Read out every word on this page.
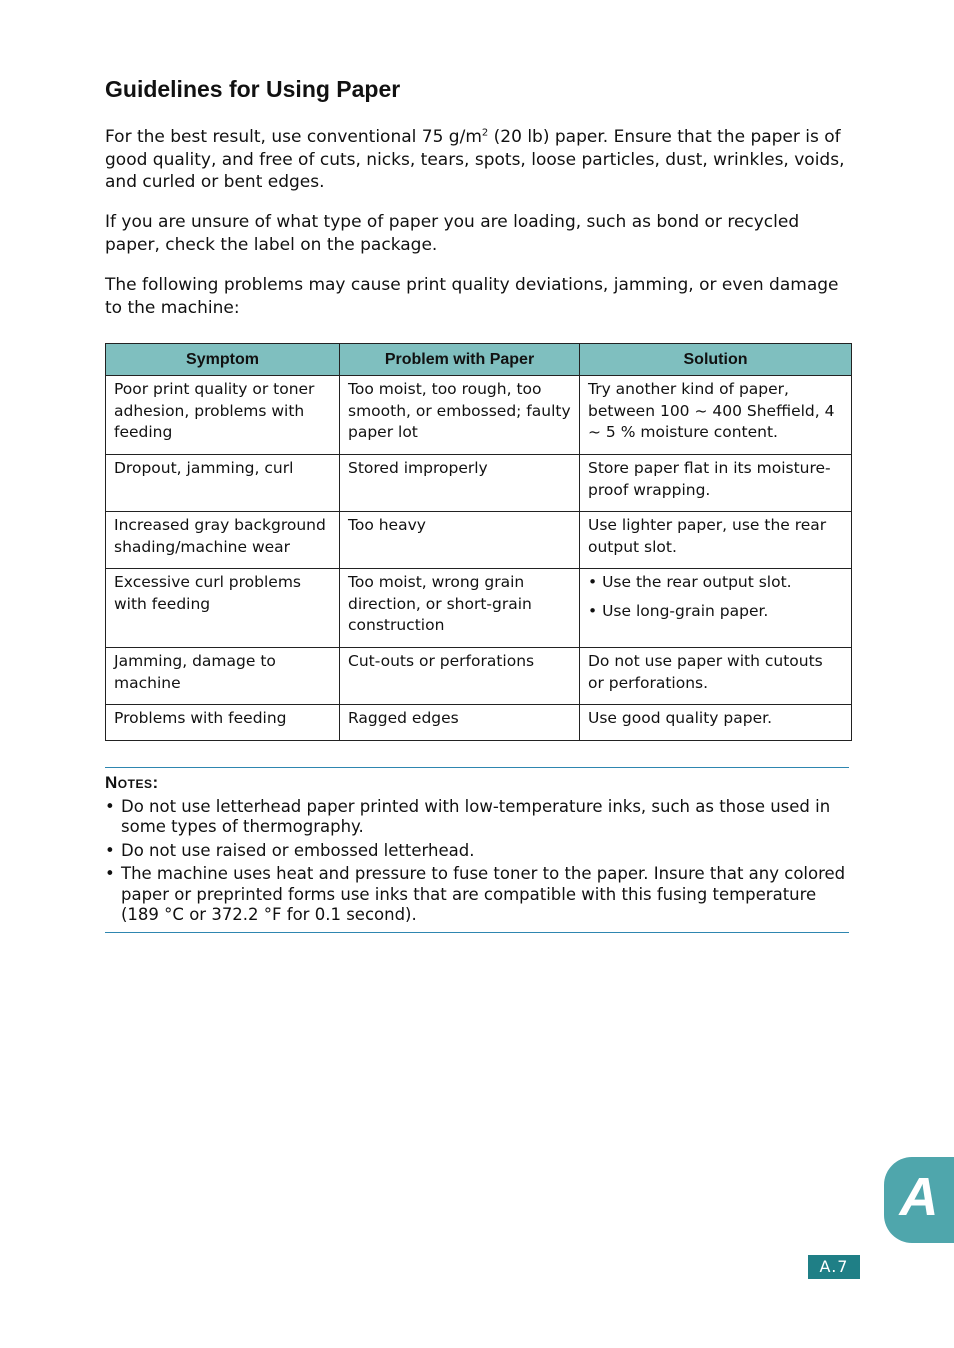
Guidelines for Using Paper

For the best result, use conventional 75 $g/m^2$ (20 lb) paper. Ensure that the paper is of good quality, and free of cuts, nicks, tears, spots, loose particles, dust, wrinkles, voids, and curled or bent edges.

If you are unsure of what type of paper you are loading, such as bond or recycled paper, check the label on the package.

The following problems may cause print quality deviations, jamming, or even damage to the machine:

Symptom	Problem with Paper	Solution
Poor print quality or toner adhesion, problems with feeding	Too moist, too rough, too smooth, or embossed; faulty paper lot	Try another kind of paper, between 100 ~ 400 Sheffield, 4 ~ 5 % moisture content.

Dropout, jamming, curl	Stored improperly	Store paper flat in its moisture-proof wrapping.

Increased gray background shading/machine wear	Too heavy	Use lighter paper, use the rear output slot.

Excessive curl problems with feeding	Too moist, wrong grain direction, or short-grain construction	• Use the rear output slot.
• Use long-grain paper.

Jamming, damage to machine	Cut-outs or perforations	Do not use paper with cutouts or perforations.

Problems with feeding	Ragged edges	Use good quality paper.
Notes:
• Do not use letterhead paper printed with low-temperature inks, such as those used in some types of thermography.
• Do not use raised or embossed letterhead.
• The machine uses heat and pressure to fuse toner to the paper. Insure that any colored paper or preprinted forms use inks that are compatible with this fusing temperature (189 °C or 372.2 °F for 0.1 second).
A
A.7
